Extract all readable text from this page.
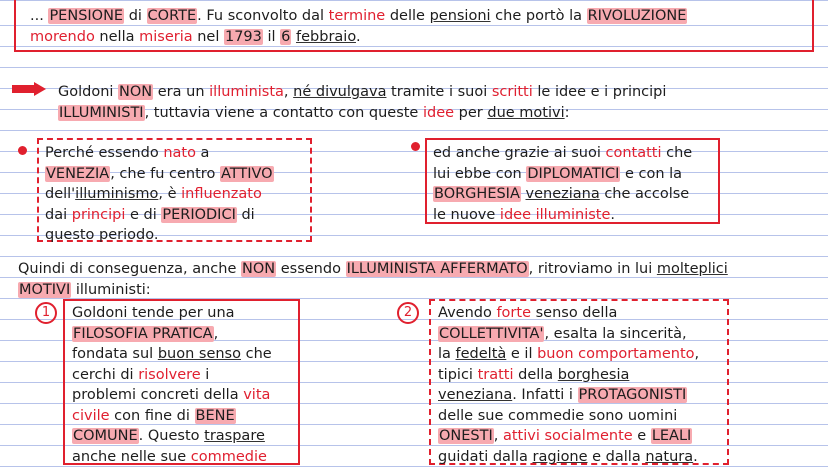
... PENSIONE di CORTE. Fu sconvolto dal termine delle pensioni che portò la RIVOLUZIONE
morendo nella miseria nel 1793 il 6 febbraio.
Goldoni NON era un illuminista, né divulgava tramite i suoi scritti le idee e i principi
ILLUMINISTI, tuttavia viene a contatto con queste idee per due motivi:
Perché essendo nato a
VENEZIA, che fu centro ATTIVO
dell'illuminismo, è influenzato
dai principi e di PERIODICI di
questo periodo.
ed anche grazie ai suoi contatti che
lui ebbe con DIPLOMATICI e con la
BORGHESIA veneziana che accolse
le nuove idee illuministe.
Quindi di conseguenza, anche NON essendo ILLUMINISTA AFFERMATO, ritroviamo in lui molteplici
MOTIVI illuministi:
1	2
Goldoni tende per una
FILOSOFIA PRATICA,
fondata sul buon senso che
cerchi di risolvere i
problemi concreti della vita
civile con fine di BENE
COMUNE. Questo traspare
anche nelle sue commedie
Avendo forte senso della
COLLETTIVITA', esalta la sincerità,
la fedeltà e il buon comportamento,
tipici tratti della borghesia
veneziana. Infatti i PROTAGONISTI
delle sue commedie sono uomini
ONESTI, attivi socialmente e LEALI
guidati dalla ragione e dalla natura.
